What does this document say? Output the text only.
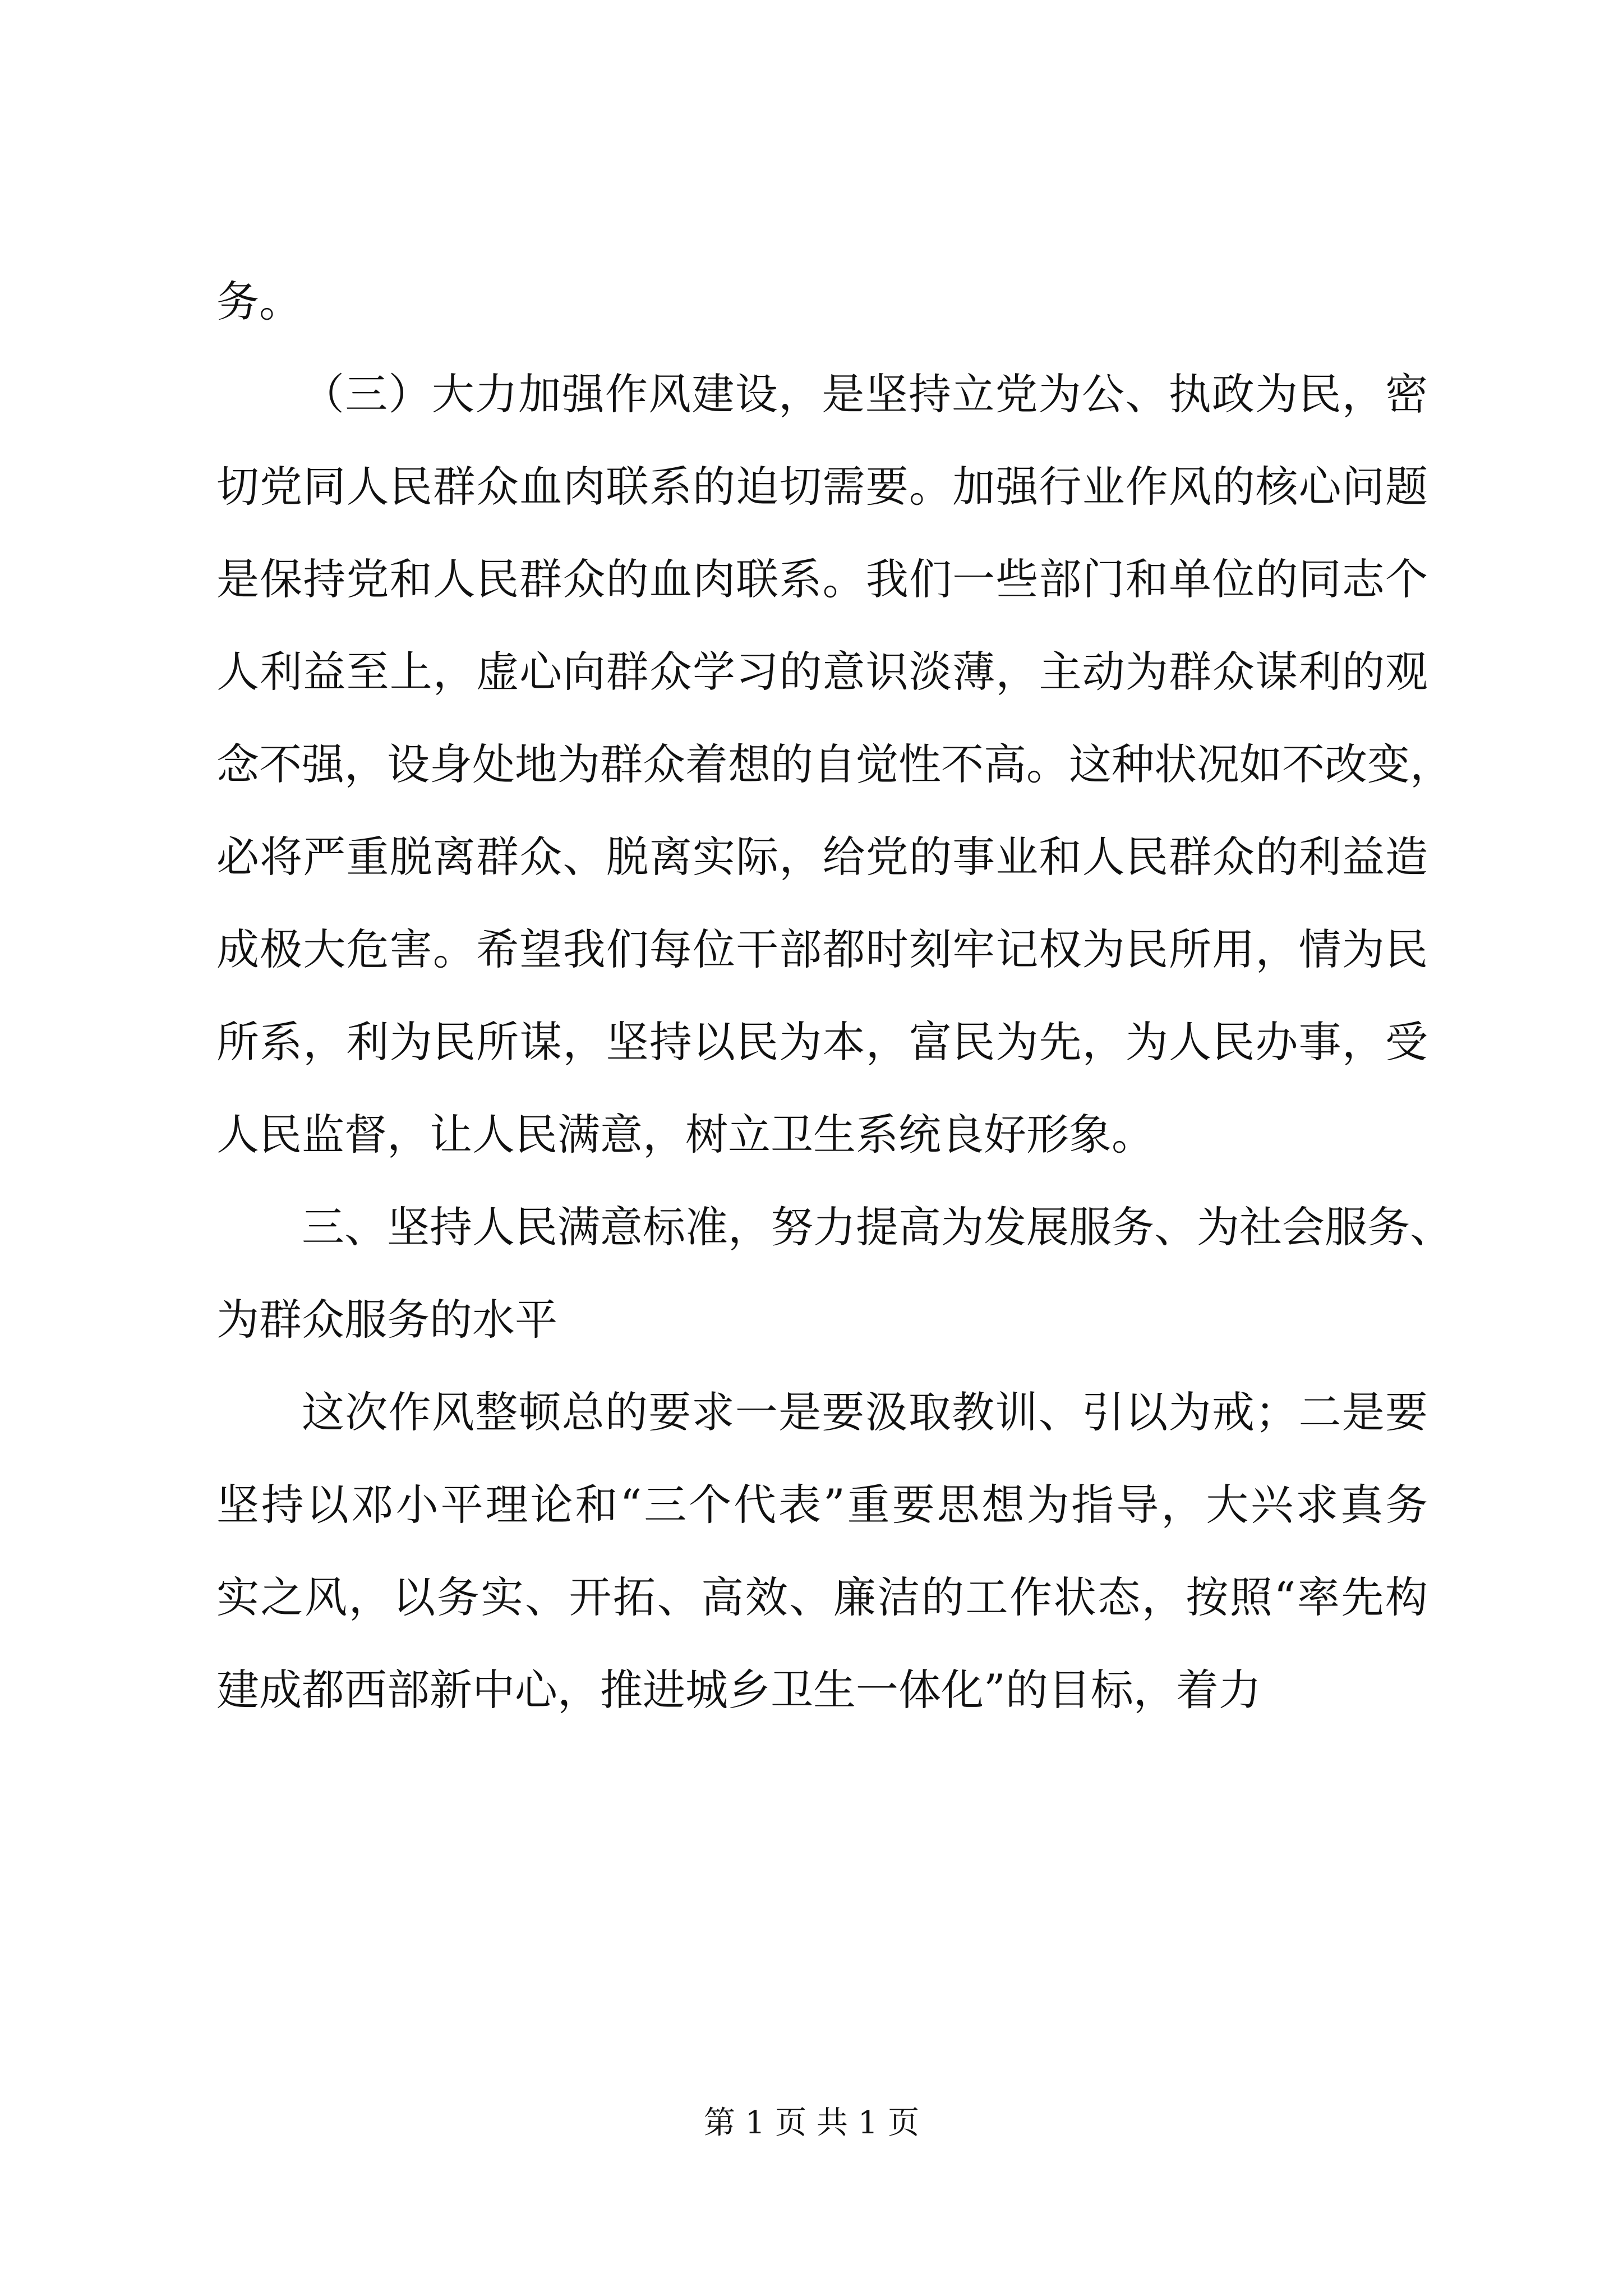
务。
（三）大力加强作风建设，是坚持立党为公、执政为民，密
切党同人民群众血肉联系的迫切需要。加强行业作风的核心问题
是保持党和人民群众的血肉联系。我们一些部门和单位的同志个
人利益至上，虚心向群众学习的意识淡薄，主动为群众谋利的观
念不强，设身处地为群众着想的自觉性不高。这种状况如不改变，
必将严重脱离群众、脱离实际，给党的事业和人民群众的利益造
成极大危害。希望我们每位干部都时刻牢记权为民所用，情为民
所系，利为民所谋，坚持以民为本，富民为先，为人民办事，受
人民监督，让人民满意，树立卫生系统良好形象。
三、坚持人民满意标准，努力提高为发展服务、为社会服务、
为群众服务的水平
这次作风整顿总的要求一是要汲取教训、引以为戒；二是要
坚持以邓小平理论和“三个代表”重要思想为指导，大兴求真务
实之风，以务实、开拓、高效、廉洁的工作状态，按照“率先构
建成都西部新中心，推进城乡卫生一体化”的目标，着力
第 1 页 共 1 页
